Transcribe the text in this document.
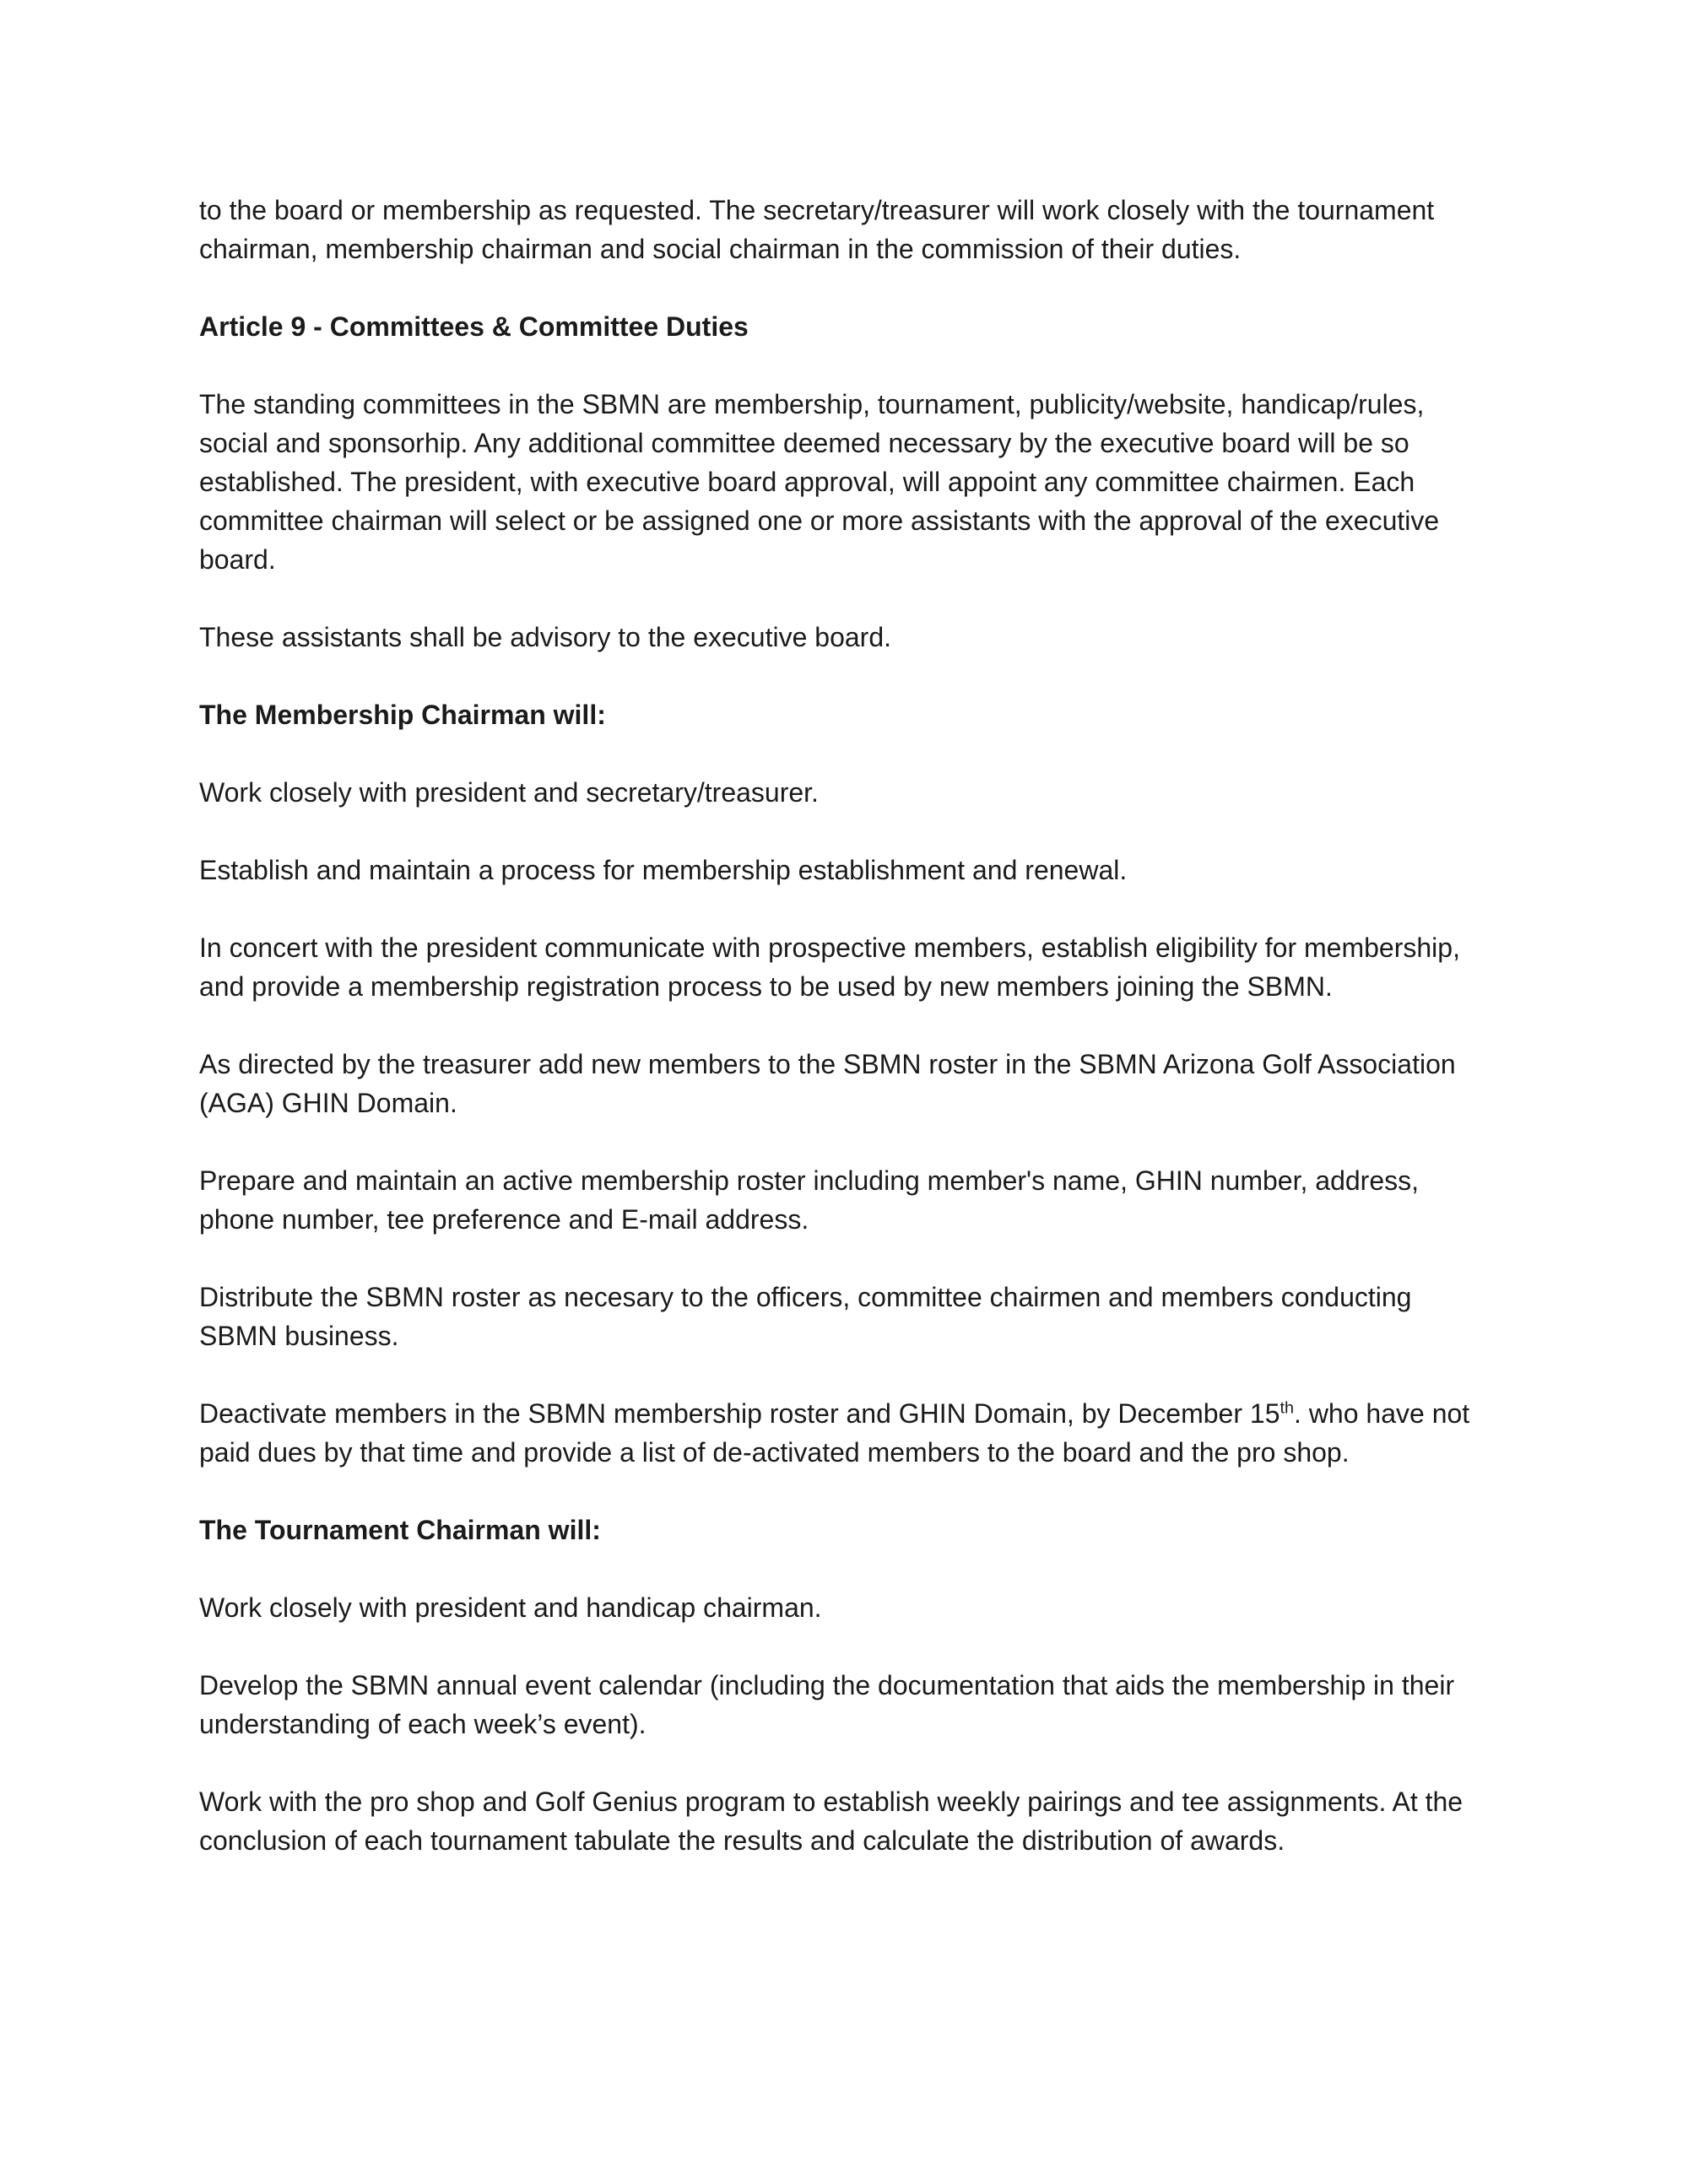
to the board or membership as requested. The secretary/treasurer will work closely with the tournament chairman, membership chairman and social chairman in the commission of their duties.

Article 9 - Committees & Committee Duties

The standing committees in the SBMN are membership, tournament, publicity/website, handicap/rules, social and sponsorhip. Any additional committee deemed necessary by the executive board will be so established. The president, with executive board approval, will appoint any committee chairmen. Each committee chairman will select or be assigned one or more assistants with the approval of the executive board.

These assistants shall be advisory to the executive board.

The Membership Chairman will:

Work closely with president and secretary/treasurer.

Establish and maintain a process for membership establishment and renewal.

In concert with the president communicate with prospective members, establish eligibility for membership, and provide a membership registration process to be used by new members joining the SBMN.

As directed by the treasurer add new members to the SBMN roster in the SBMN Arizona Golf Association (AGA) GHIN Domain.

Prepare and maintain an active membership roster including member's name, GHIN number, address, phone number, tee preference and E-mail address.

Distribute the SBMN roster as necesary to the officers, committee chairmen and members conducting SBMN business.

Deactivate members in the SBMN membership roster and GHIN Domain, by December 15th. who have not paid dues by that time and provide a list of de-activated members to the board and the pro shop.

The Tournament Chairman will:

Work closely with president and handicap chairman.

Develop the SBMN annual event calendar (including the documentation that aids the membership in their understanding of each week’s event).

Work with the pro shop and Golf Genius program to establish weekly pairings and tee assignments. At the conclusion of each tournament tabulate the results and calculate the distribution of awards.
